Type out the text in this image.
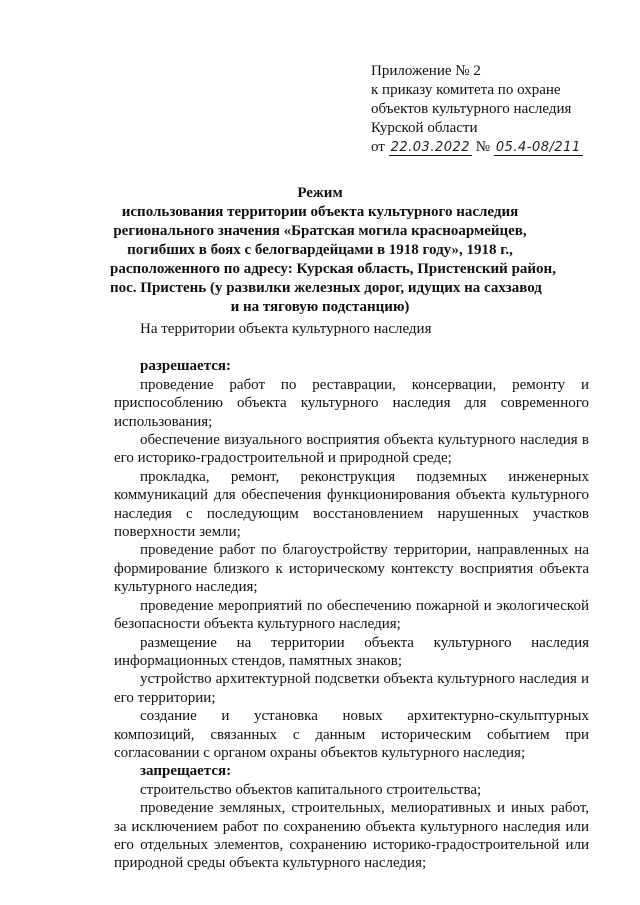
Приложение № 2
к приказу комитета по охране
объектов культурного наследия
Курской области
от 22.03.2022 № 05.4-08/211
Режим
использования территории объекта культурного наследия
регионального значения «Братская могила красноармейцев,
погибших в боях с белогвардейцами в 1918 году», 1918 г.,
расположенного по адресу: Курская область, Пристенский район,
пос. Пристень (у развилки железных дорог, идущих на сахзавод
и на тяговую подстанцию)
На территории объекта культурного наследия
разрешается:

проведение работ по реставрации, консервации, ремонту и приспособлению объекта культурного наследия для современного использования;

обеспечение визуального восприятия объекта культурного наследия в его историко-градостроительной и природной среде;

прокладка, ремонт, реконструкция подземных инженерных коммуникаций для обеспечения функционирования объекта культурного наследия с последующим восстановлением нарушенных участков поверхности земли;

проведение работ по благоустройству территории, направленных на формирование близкого к историческому контексту восприятия объекта культурного наследия;

проведение мероприятий по обеспечению пожарной и экологической безопасности объекта культурного наследия;

размещение на территории объекта культурного наследия информационных стендов, памятных знаков;

устройство архитектурной подсветки объекта культурного наследия и его территории;

создание и установка новых архитектурно-скульптурных композиций, связанных с данным историческим событием при согласовании с органом охраны объектов культурного наследия;

запрещается:

строительство объектов капитального строительства;

проведение земляных, строительных, мелиоративных и иных работ, за исключением работ по сохранению объекта культурного наследия или его отдельных элементов, сохранению историко-градостроительной или природной среды объекта культурного наследия;
